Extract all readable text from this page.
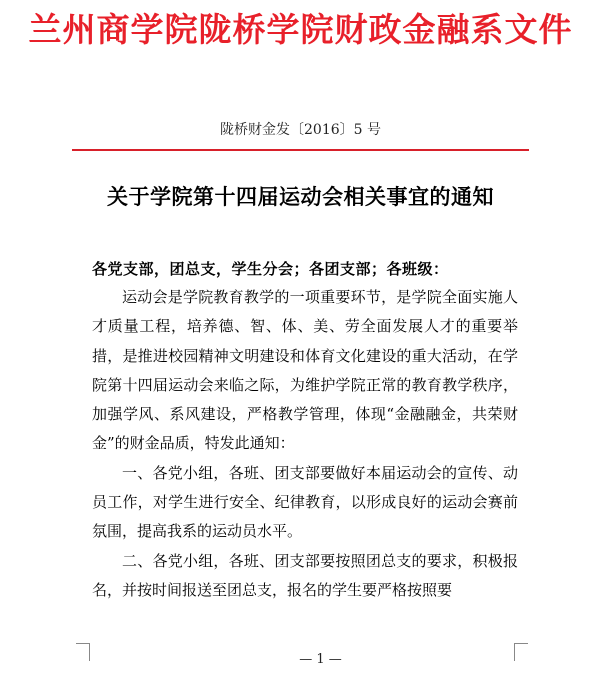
兰州商学院陇桥学院财政金融系文件
陇桥财金发〔2016〕5 号
关于学院第十四届运动会相关事宜的通知
各党支部，团总支，学生分会；各团支部；各班级：

运动会是学院教育教学的一项重要环节，是学院全面实施人才质量工程，培养德、智、体、美、劳全面发展人才的重要举措，是推进校园精神文明建设和体育文化建设的重大活动，在学院第十四届运动会来临之际，为维护学院正常的教育教学秩序，加强学风、系风建设，严格教学管理，体现“金融融金，共荣财金”的财金品质，特发此通知：

一、各党小组，各班、团支部要做好本届运动会的宣传、动员工作，对学生进行安全、纪律教育，以形成良好的运动会赛前氛围，提高我系的运动员水平。

二、各党小组，各班、团支部要按照团总支的要求，积极报名，并按时间报送至团总支，报名的学生要严格按照要

— 1 —
